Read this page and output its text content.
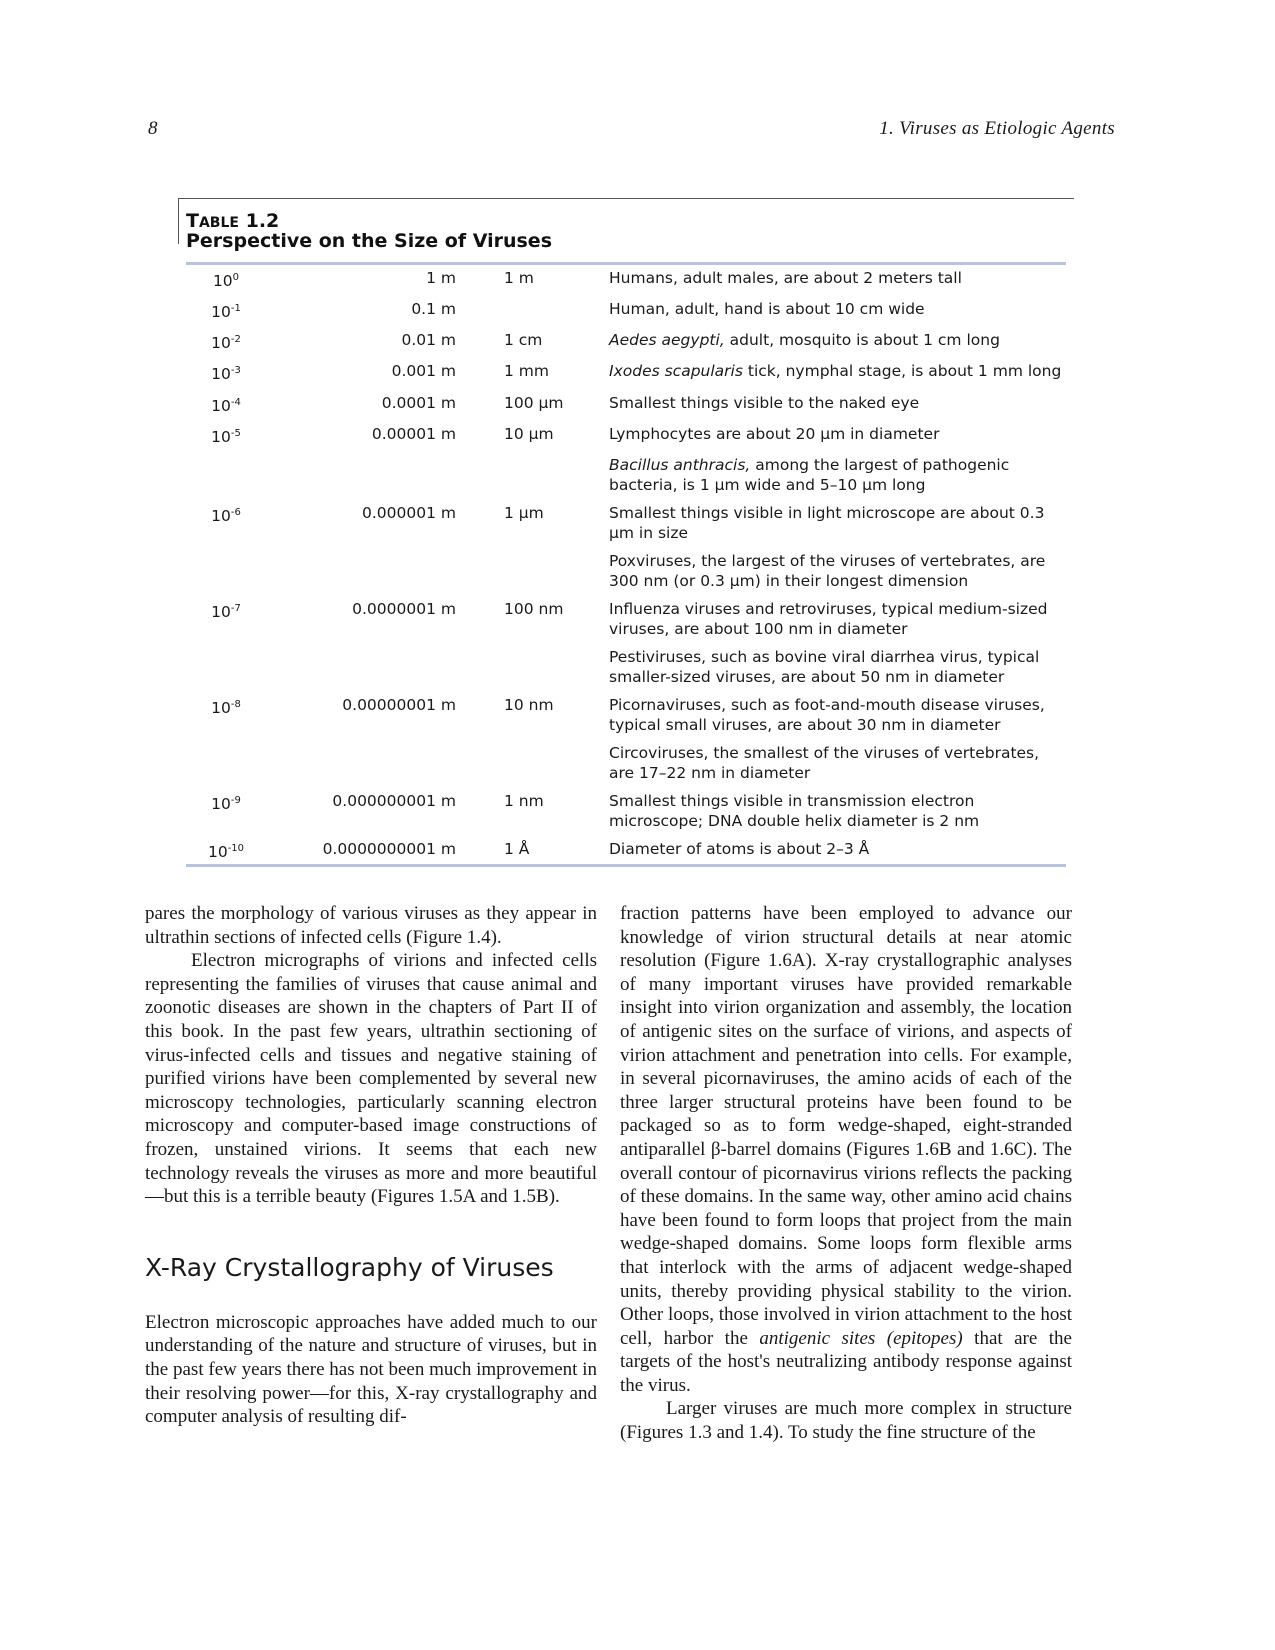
8	1. Viruses as Etiologic Agents
TABLE 1.2
Perspective on the Size of Viruses
$10^0$	1 m	1 m	Humans, adult males, are about 2 meters tall
$10^{-1}$	0.1 m		Human, adult, hand is about 10 cm wide
$10^{-2}$	0.01 m	1 cm	Aedes aegypti, adult, mosquito is about 1 cm long
$10^{-3}$	0.001 m	1 mm	Ixodes scapularis tick, nymphal stage, is about 1 mm long
$10^{-4}$	0.0001 m	100 μm	Smallest things visible to the naked eye
$10^{-5}$	0.00001 m	10 μm	Lymphocytes are about 20 μm in diameter
			Bacillus anthracis, among the largest of pathogenic bacteria, is 1 μm wide and 5–10 μm long
$10^{-6}$	0.000001 m	1 μm	Smallest things visible in light microscope are about 0.3 μm in size
			Poxviruses, the largest of the viruses of vertebrates, are 300 nm (or 0.3 μm) in their longest dimension
$10^{-7}$	0.0000001 m	100 nm	Influenza viruses and retroviruses, typical medium-sized viruses, are about 100 nm in diameter
			Pestiviruses, such as bovine viral diarrhea virus, typical smaller-sized viruses, are about 50 nm in diameter
$10^{-8}$	0.00000001 m	10 nm	Picornaviruses, such as foot-and-mouth disease viruses, typical small viruses, are about 30 nm in diameter
			Circoviruses, the smallest of the viruses of vertebrates, are 17–22 nm in diameter
$10^{-9}$	0.000000001 m	1 nm	Smallest things visible in transmission electron microscope; DNA double helix diameter is 2 nm
$10^{-10}$	0.0000000001 m	1 Å	Diameter of atoms is about 2–3 Å

pares the morphology of various viruses as they appear in ultrathin sections of infected cells (Figure 1.4).

Electron micrographs of virions and infected cells representing the families of viruses that cause animal and zoonotic diseases are shown in the chapters of Part II of this book. In the past few years, ultrathin sectioning of virus-infected cells and tissues and negative staining of purified virions have been complemented by several new microscopy technologies, particularly scanning electron microscopy and computer-based image constructions of frozen, unstained virions. It seems that each new technology reveals the viruses as more and more beautiful—but this is a terrible beauty (Figures 1.5A and 1.5B).

X-Ray Crystallography of Viruses

Electron microscopic approaches have added much to our understanding of the nature and structure of viruses, but in the past few years there has not been much improvement in their resolving power—for this, X-ray crystallography and computer analysis of resulting dif-

fraction patterns have been employed to advance our knowledge of virion structural details at near atomic resolution (Figure 1.6A). X-ray crystallographic analyses of many important viruses have provided remarkable insight into virion organization and assembly, the location of antigenic sites on the surface of virions, and aspects of virion attachment and penetration into cells. For example, in several picornaviruses, the amino acids of each of the three larger structural proteins have been found to be packaged so as to form wedge-shaped, eight-stranded antiparallel β-barrel domains (Figures 1.6B and 1.6C). The overall contour of picornavirus virions reflects the packing of these domains. In the same way, other amino acid chains have been found to form loops that project from the main wedge-shaped domains. Some loops form flexible arms that interlock with the arms of adjacent wedge-shaped units, thereby providing physical stability to the virion. Other loops, those involved in virion attachment to the host cell, harbor the antigenic sites (epitopes) that are the targets of the host's neutralizing antibody response against the virus.

Larger viruses are much more complex in structure (Figures 1.3 and 1.4). To study the fine structure of the
